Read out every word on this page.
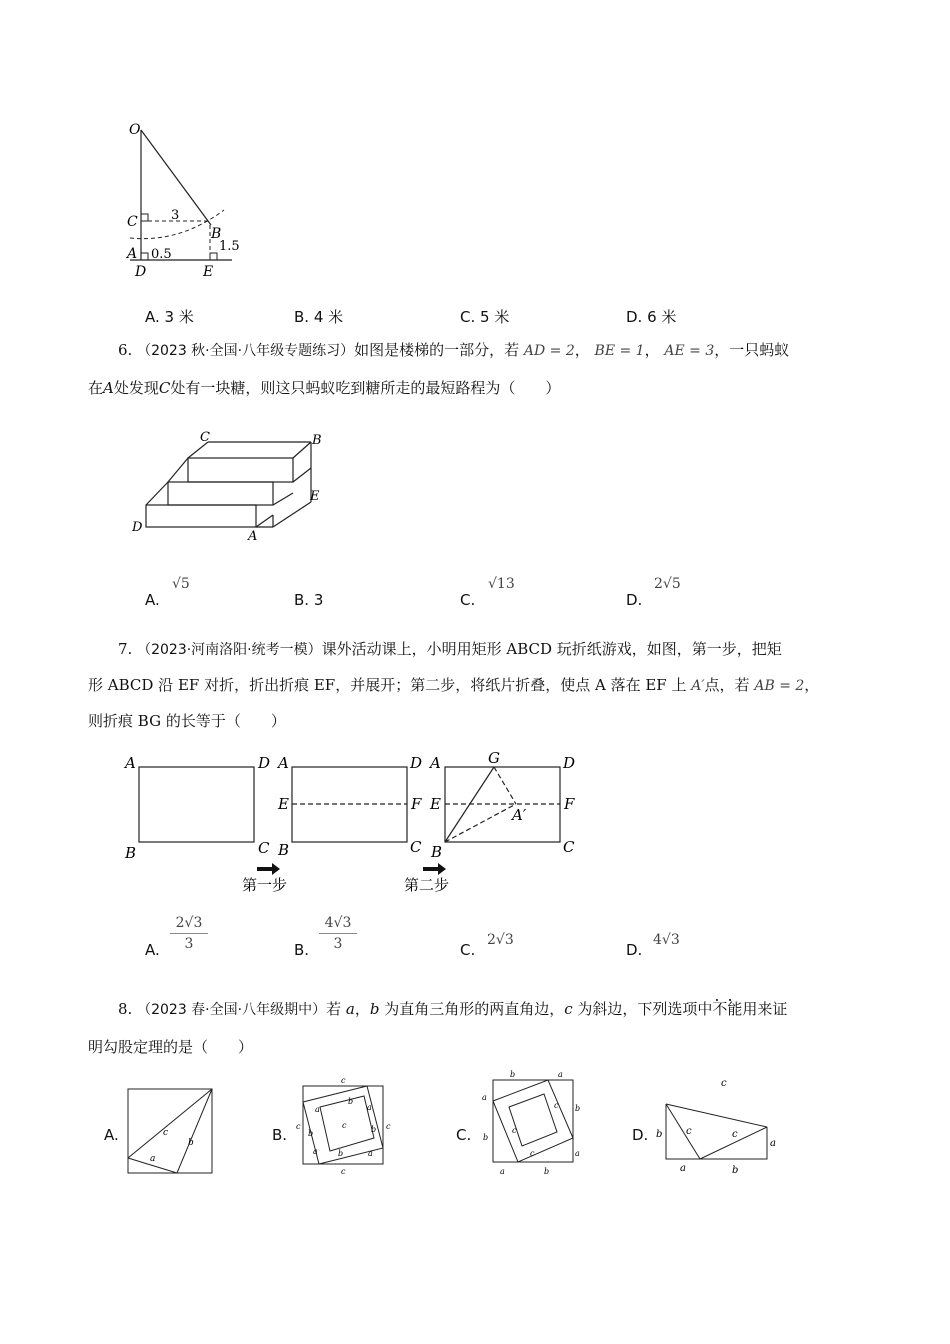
O
C	3
B
A 0.5
1.5
D	E
A. 3 米	B. 4 米	C. 5 米	D. 6 米
6. （2023 秋·全国·八年级专题练习）如图是楼梯的一部分，若 AD = 2， BE = 1， AE = 3，一只蚂蚁
在A处发现C处有一块糖，则这只蚂蚁吃到糖所走的最短路程为（　　）
C	B
E
D
A
A.
√5
B. 3	C.
√13
D.
2√5
7. （2023·河南洛阳·统考一模）课外活动课上，小明用矩形 ABCD 玩折纸游戏，如图，第一步，把矩
形 ABCD 沿 EF 对折，折出折痕 EF，并展开；第二步，将纸片折叠，使点 A 落在 EF 上 A′点，若 AB = 2，
则折痕 BG 的长等于（　　）
A	D
B	C
A	D
E	F
B	C
A	G	D
E
A′
F
B	C
第一步	第二步
A. $\frac{2√3}{3}$	B. $\frac{4√3}{3}$	C.
2√3
D.
4√3
8. （2023 春·全国·八年级期中）若 a，b 为直角三角形的两直角边，c 为斜边，下列选项中
..
不能用来证
明勾股定理的是（　　）
A.	c
b
a
B.
c
a
b
a
c
b
c	b c
a	b	a
c
C.
b	a
a
b
b
c
c
c	a
a	b
D.
c
b c	c
a
a	b
